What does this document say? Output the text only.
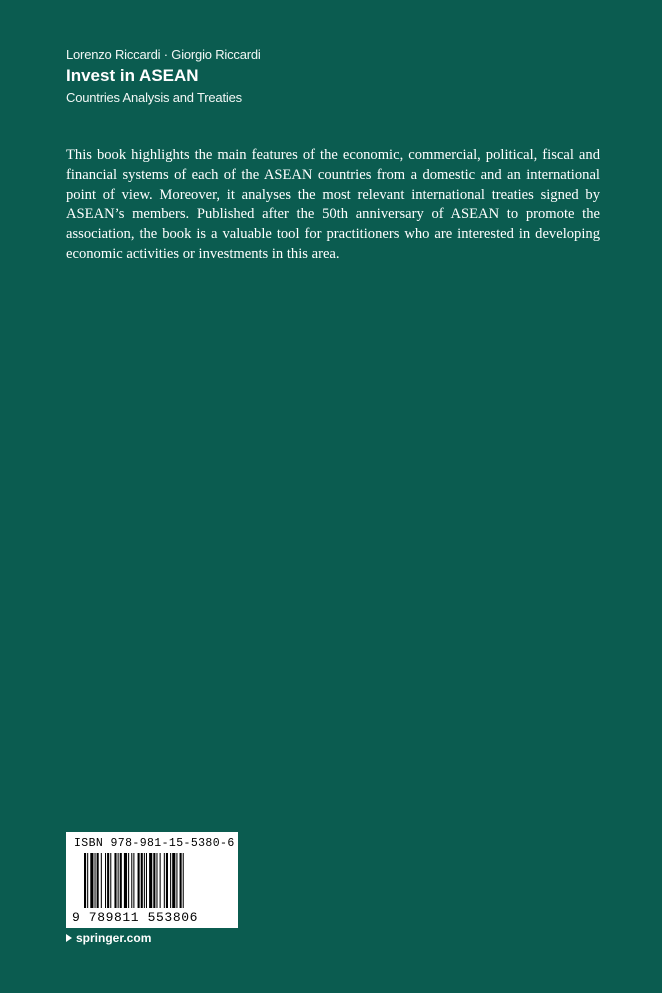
Lorenzo Riccardi · Giorgio Riccardi
Invest in ASEAN
Countries Analysis and Treaties
This book highlights the main features of the economic, commercial, political, fiscal and financial systems of each of the ASEAN countries from a domestic and an international point of view. Moreover, it analyses the most relevant international treaties signed by ASEAN’s members. Published after the 50th anniversary of ASEAN to promote the association, the book is a valuable tool for practitioners who are interested in developing economic activities or investments in this area.
ISBN 978-981-15-5380-6
9 789811 553806
springer.com
